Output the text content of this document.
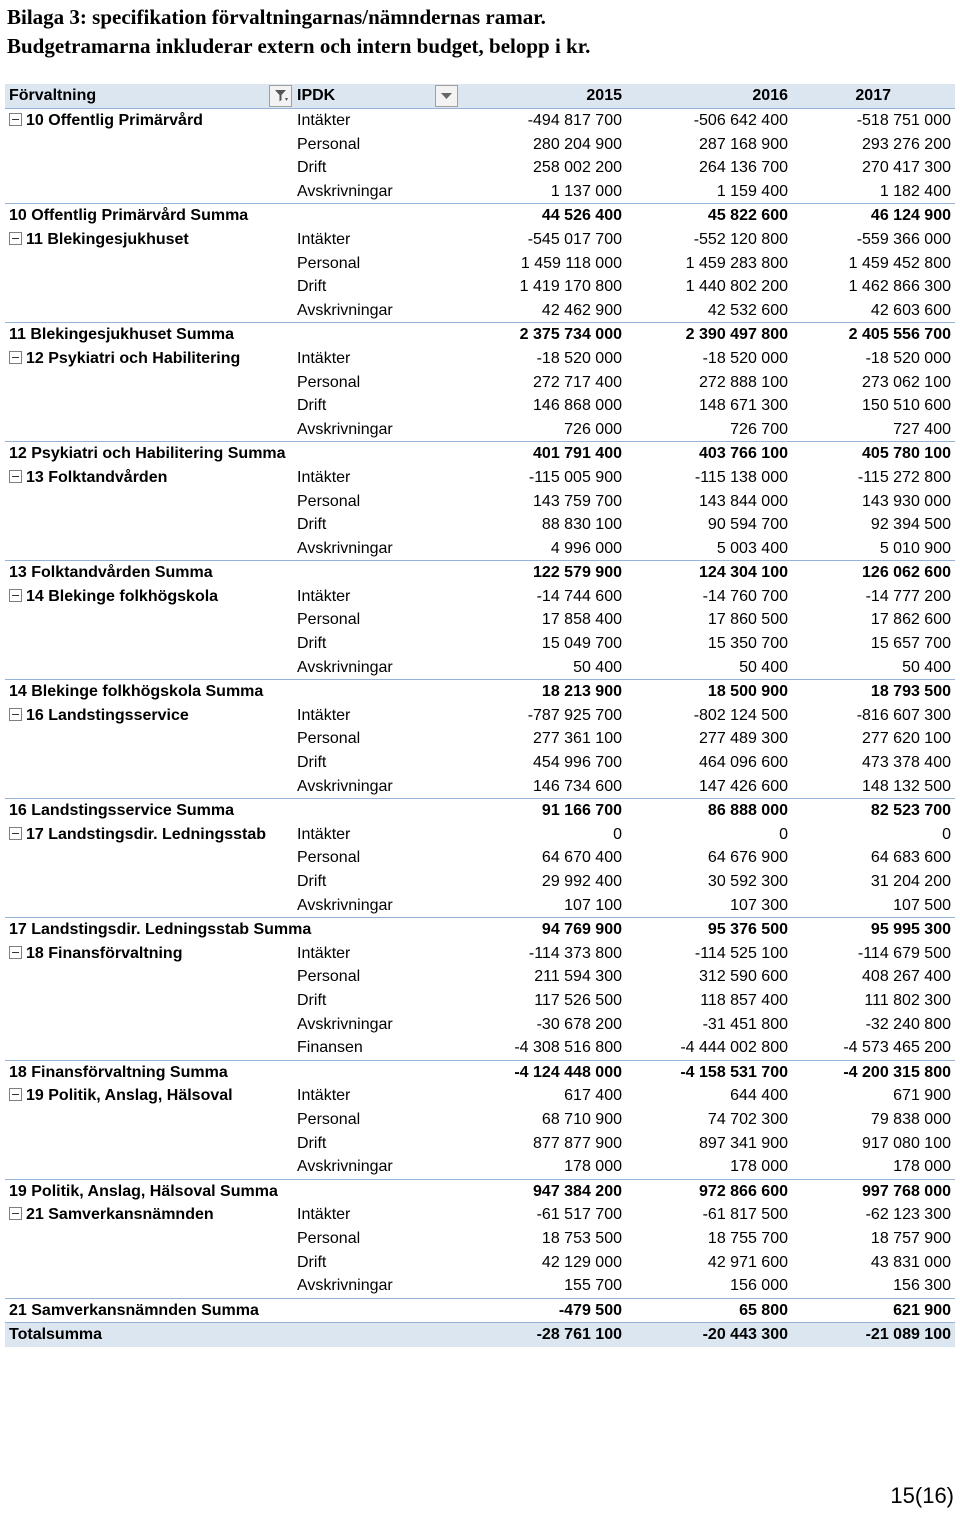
Bilaga 3: specifikation förvaltningarnas/nämndernas ramar.
Budgetramarna inkluderar extern och intern budget, belopp i kr.
Förvaltning	IPDK	2015	2016	2017
10 Offentlig Primärvård	Intäkter	-494 817 700	-506 642 400	-518 751 000
Personal	280 204 900	287 168 900	293 276 200
Drift	258 002 200	264 136 700	270 417 300
Avskrivningar	1 137 000	1 159 400	1 182 400
10 Offentlig Primärvård Summa	44 526 400	45 822 600	46 124 900
11 Blekingesjukhuset	Intäkter	-545 017 700	-552 120 800	-559 366 000
Personal	1 459 118 000	1 459 283 800	1 459 452 800
Drift	1 419 170 800	1 440 802 200	1 462 866 300
Avskrivningar	42 462 900	42 532 600	42 603 600
11 Blekingesjukhuset Summa	2 375 734 000	2 390 497 800	2 405 556 700
12 Psykiatri och Habilitering	Intäkter	-18 520 000	-18 520 000	-18 520 000
Personal	272 717 400	272 888 100	273 062 100
Drift	146 868 000	148 671 300	150 510 600
Avskrivningar	726 000	726 700	727 400
12 Psykiatri och Habilitering Summa	401 791 400	403 766 100	405 780 100
13 Folktandvården	Intäkter	-115 005 900	-115 138 000	-115 272 800
Personal	143 759 700	143 844 000	143 930 000
Drift	88 830 100	90 594 700	92 394 500
Avskrivningar	4 996 000	5 003 400	5 010 900
13 Folktandvården Summa	122 579 900	124 304 100	126 062 600
14 Blekinge folkhögskola	Intäkter	-14 744 600	-14 760 700	-14 777 200
Personal	17 858 400	17 860 500	17 862 600
Drift	15 049 700	15 350 700	15 657 700
Avskrivningar	50 400	50 400	50 400
14 Blekinge folkhögskola Summa	18 213 900	18 500 900	18 793 500
16 Landstingsservice	Intäkter	-787 925 700	-802 124 500	-816 607 300
Personal	277 361 100	277 489 300	277 620 100
Drift	454 996 700	464 096 600	473 378 400
Avskrivningar	146 734 600	147 426 600	148 132 500
16 Landstingsservice Summa	91 166 700	86 888 000	82 523 700
17 Landstingsdir. Ledningsstab	Intäkter	0	0	0
Personal	64 670 400	64 676 900	64 683 600
Drift	29 992 400	30 592 300	31 204 200
Avskrivningar	107 100	107 300	107 500
17 Landstingsdir. Ledningsstab Summa	94 769 900	95 376 500	95 995 300
18 Finansförvaltning	Intäkter	-114 373 800	-114 525 100	-114 679 500
Personal	211 594 300	312 590 600	408 267 400
Drift	117 526 500	118 857 400	111 802 300
Avskrivningar	-30 678 200	-31 451 800	-32 240 800
Finansen	-4 308 516 800	-4 444 002 800	-4 573 465 200
18 Finansförvaltning Summa	-4 124 448 000	-4 158 531 700	-4 200 315 800
19 Politik, Anslag, Hälsoval	Intäkter	617 400	644 400	671 900
Personal	68 710 900	74 702 300	79 838 000
Drift	877 877 900	897 341 900	917 080 100
Avskrivningar	178 000	178 000	178 000
19 Politik, Anslag, Hälsoval Summa	947 384 200	972 866 600	997 768 000
21 Samverkansnämnden	Intäkter	-61 517 700	-61 817 500	-62 123 300
Personal	18 753 500	18 755 700	18 757 900
Drift	42 129 000	42 971 600	43 831 000
Avskrivningar	155 700	156 000	156 300
21 Samverkansnämnden Summa	-479 500	65 800	621 900
Totalsumma	-28 761 100	-20 443 300	-21 089 100
15(16)
